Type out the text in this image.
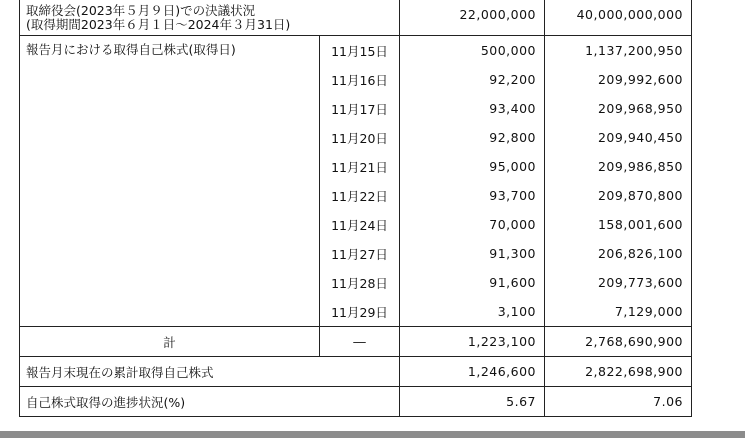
取締役会(2023年５月９日)での決議状況
(取得期間2023年６月１日～2024年３月31日)		22,000,000	40,000,000,000
報告月における取得自己株式(取得日)	11月15日	500,000	1,137,200,950
	11月16日	92,200	209,992,600
	11月17日	93,400	209,968,950
	11月20日	92,800	209,940,450
	11月21日	95,000	209,986,850
	11月22日	93,700	209,870,800
	11月24日	70,000	158,001,600
	11月27日	91,300	206,826,100
	11月28日	91,600	209,773,600
	11月29日	3,100	7,129,000
計	―	1,223,100	2,768,690,900
報告月末現在の累計取得自己株式		1,246,600	2,822,698,900
自己株式取得の進捗状況(%)		5.67	7.06
